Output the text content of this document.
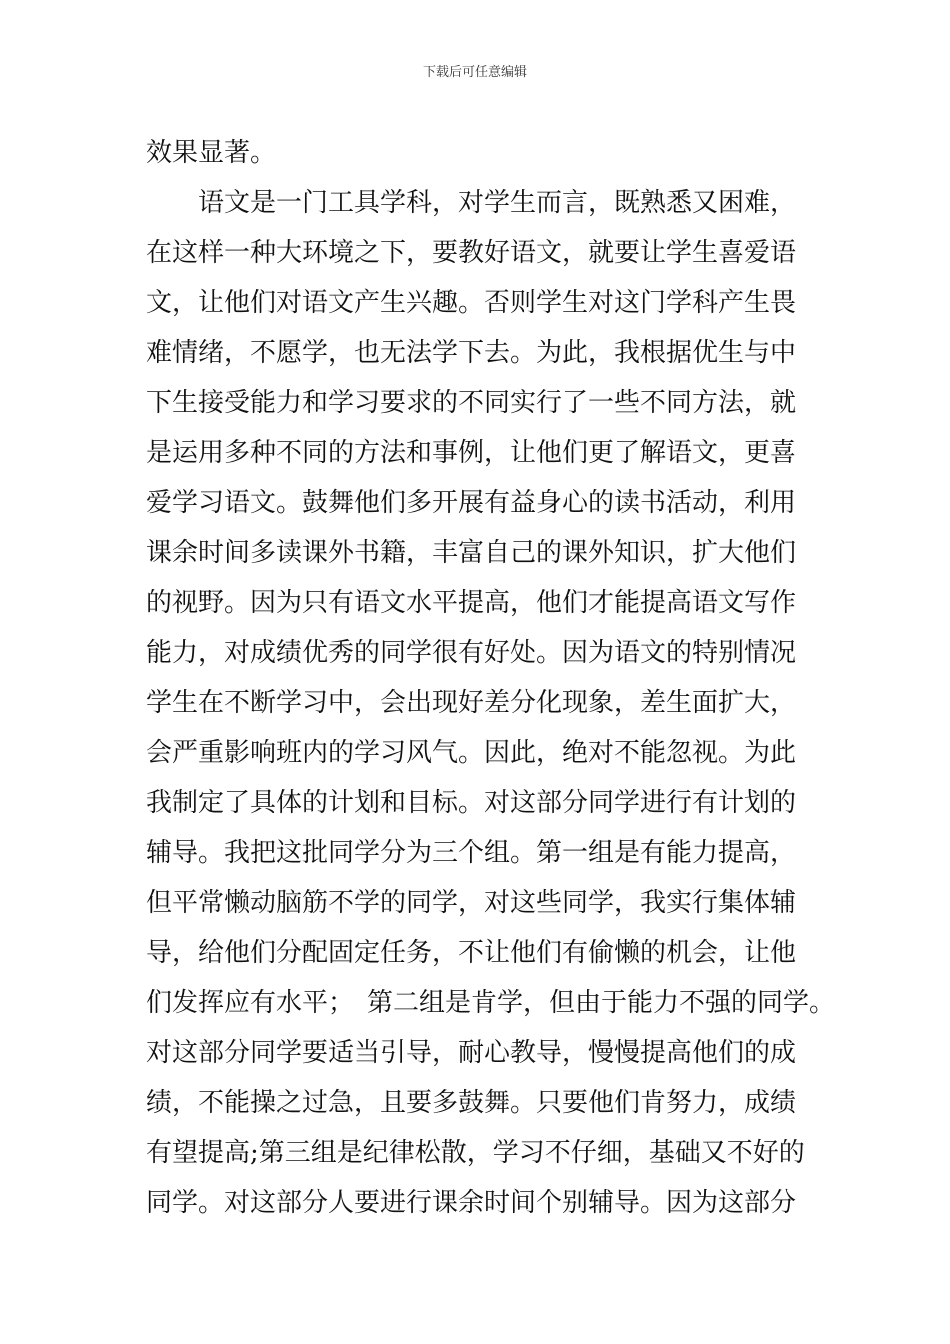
下载后可任意编辑
效果显著。
　　语文是一门工具学科，对学生而言，既熟悉又困难，
在这样一种大环境之下，要教好语文，就要让学生喜爱语
文，让他们对语文产生兴趣。否则学生对这门学科产生畏
难情绪，不愿学，也无法学下去。为此，我根据优生与中
下生接受能力和学习要求的不同实行了一些不同方法，就
是运用多种不同的方法和事例，让他们更了解语文，更喜
爱学习语文。鼓舞他们多开展有益身心的读书活动，利用
课余时间多读课外书籍，丰富自己的课外知识，扩大他们
的视野。因为只有语文水平提高，他们才能提高语文写作
能力，对成绩优秀的同学很有好处。因为语文的特别情况
学生在不断学习中，会出现好差分化现象，差生面扩大，
会严重影响班内的学习风气。因此，绝对不能忽视。为此
我制定了具体的计划和目标。对这部分同学进行有计划的
辅导。我把这批同学分为三个组。第一组是有能力提高，
但平常懒动脑筋不学的同学，对这些同学，我实行集体辅
导，给他们分配固定任务，不让他们有偷懒的机会，让他
们发挥应有水平；　第二组是肯学，但由于能力不强的同学。
对这部分同学要适当引导，耐心教导，慢慢提高他们的成
绩，不能操之过急，且要多鼓舞。只要他们肯努力，成绩
有望提高;第三组是纪律松散，学习不仔细，基础又不好的
同学。对这部分人要进行课余时间个别辅导。因为这部分
